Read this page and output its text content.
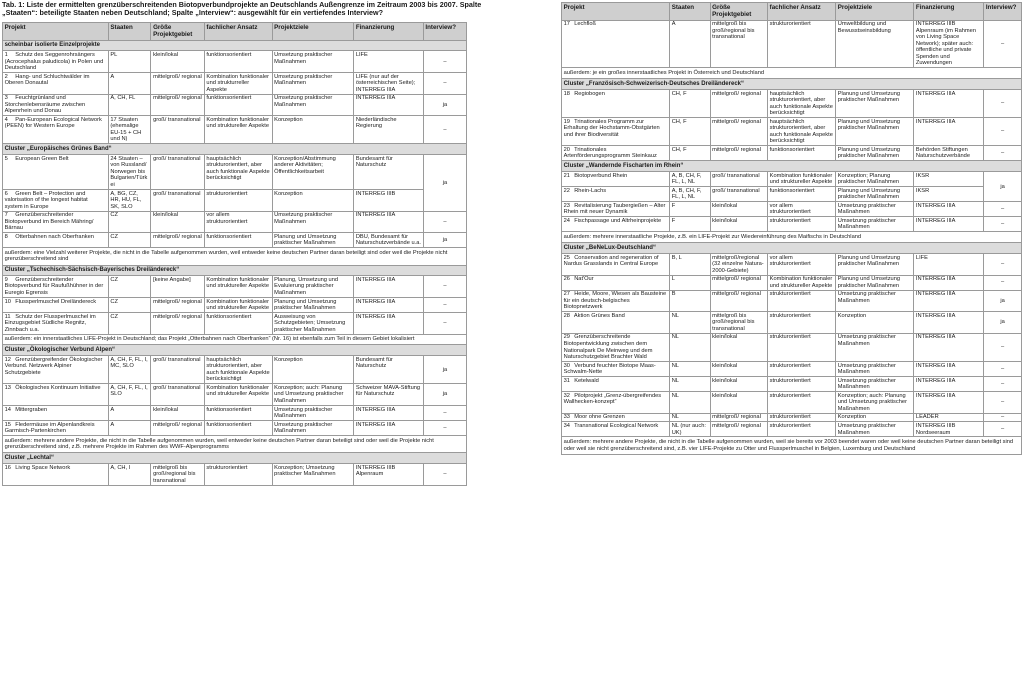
Tab. 1: Liste der ermittelten grenzüberschreitenden Biotopverbundprojekte an Deutschlands Außengrenze im Zeitraum 2003 bis 2007. Spalte „Staaten“: beteiligte Staaten neben Deutschland; Spalte „Interview“: ausgewählt für ein vertiefendes Interview?
Projekt	Staaten	Größe Projektgebiet	fachlicher Ansatz	Projektziele	Finanzierung	Interview?
scheinbar isolierte Einzelprojekte						
1 Schutz des Seggenrohrsängers (Acrocephalus paludicola) in Polen und Deutschland	PL	klein/lokal	funktionsorientiert	Umsetzung praktischer Maßnahmen	LIFE	–
2 Hang- und Schluchtwälder im Oberen Donautal	A	mittelgroß/ regional	Kombination funktionaler und strukturreller Aspekte	Umsetzung praktischer Maßnahmen	LIFE (nur auf der österreichischen Seite); INTERREG IIIA	–
3 Feuchtgrünland und Storchenlebensräume zwischen Alpenrhein und Donau	A, CH, FL	mittelgroß/ regional	funktionsorientiert	Umsetzung praktischer Maßnahmen	INTERREG IIIA	ja
4 Pan-European Ecological Network (PEEN) for Western Europe	17 Staaten (ehemalige EU-15 + CH und N)	groß/ transnational	Kombination funktionaler und struktureller Aspekte	Konzeption	Niederländische Regierung	–
Cluster „Europäisches Grünes Band“						
5 European Green Belt	24 Staaten – von Russland/ Norwegen bis Bulgarien/Türkei	groß/ transnational	hauptsächlich strukturorientiert, aber auch funktionale Aspekte berücksichtigt	Konzeption/Abstimmung anderer Aktivitäten; Öffentlichkeitsarbeit	Bundesamt für Naturschutz	ja
6 Green Belt – Protection and valorisation of the longest habitat system in Europe	A, BG, CZ, HR, HU, FL, SK, SLO	groß/ transnational	strukturorientiert	Konzeption	INTERREG IIIB	
7 Grenzüberschreitender Biotopverbund im Bereich Mähring/ Bärnau	CZ	klein/lokal	vor allem strukturorientiert	Umsetzung praktischer Maßnahmen	INTERREG IIIA	–
8 Otterbahnen nach Oberfranken	CZ	mittelgroß/ regional	funktionsorientiert	Planung und Umsetzung praktischer Maßnahmen	DBU, Bundesamt für Naturschutzverbände u.a.	ja
außerdem: eine Vielzahl weiterer Projekte, die nicht in die Tabelle aufgenommen wurden, weil entweder keine deutschen Partner daran beteiligt sind oder weil die Projekte nicht grenzüberschreitend sind						
Cluster „Tschechisch-Sächsisch-Bayerisches Dreiländereck“						
9 Grenzüberschreitender Biotopverbund für Raufußhühner in der Euregio Egrensis	CZ	[keine Angabe]	Kombination funktionaler und struktureller Aspekte	Planung, Umsetzung und Evaluierung praktischer Maßnahmen	INTERREG IIIA	–
10 Flussperlmuschel Dreiländereck	CZ	mittelgroß/ regional	Kombination funktionaler und struktureller Aspekte	Planung und Umsetzung praktischer Maßnahmen	INTERREG IIIA	–
11 Schutz der Flussperlmuschel im Einzugsgebiet Südliche Regnitz, Zinnbach u.a.	CZ	mittelgroß/ regional	funktionsorientiert	Ausweisung von Schutzgebieten; Umsetzung praktischer Maßnahmen	INTERREG IIIA	–
außerdem: ein innerstaatliches LIFE-Projekt in Deutschland; das Projekt „Otterbahnen nach Oberfranken“ (Nr. 16) ist ebenfalls zum Teil in diesem Gebiet lokalisiert						
Cluster „Ökologischer Verbund Alpen“						
12 Grenzübergreifender Ökologischer Verbund. Netzwerk Alpiner Schutzgebiete	A, CH, F, FL, I, MC, SLO	groß/ transnational	hauptsächlich strukturorientiert, aber auch funktionale Aspekte berücksichtigt	Konzeption	Bundesamt für Naturschutz	ja
13 Ökologisches Kontinuum Initiative	A, CH, F, FL, I, SLO	groß/ transnational	Kombination funktionaler und struktureller Aspekte	Konzeption; auch: Planung und Umsetzung praktischer Maßnahmen	Schweizer MAVA-Stiftung für Naturschutz	ja
14 Mittergraben	A	klein/lokal	funktionsorientiert	Umsetzung praktischer Maßnahmen	INTERREG IIIA	–
15 Fledermäuse im Alpenlandkreis Garmisch-Partenkirchen	A	mittelgroß/ regional	funktionsorientiert	Umsetzung praktischer Maßnahmen	INTERREG IIIA	–
außerdem: mehrere andere Projekte, die nicht in die Tabelle aufgenommen wurden, weil entweder keine deutschen Partner daran beteiligt sind oder weil die Projekte nicht grenzüberschreitend sind, z.B. mehrere Projekte im Rahmen des WWF-Alpenprogramms						
Cluster „Lechtal“						
16 Living Space Network	A, CH, I	mittelgroß bis groß/regional bis transnational	strukturorientiert	Konzeption; Umsetzung praktischer Maßnahmen	INTERREG IIIB Alpenraum	–
Projekt	Staaten	Größe Projektgebiet	fachlicher Ansatz	Projektziele	Finanzierung	Interview?
17 Lechfloß	A	mittelgroß bis groß/regional bis transnational	strukturorientiert	Umweltbildung und Bewusstseinsbildung	INTERREG IIIB Alpenraum (im Rahmen von Living Space Network); später auch: öffentliche und private Spenden und Zuwendungen	–
außerdem: je ein großes innerstaatliches Projekt in Österreich und Deutschland						
Cluster „Französisch-Schweizerisch-Deutsches Dreiländereck“						
18 Regiobogen	CH, F	mittelgroß/ regional	hauptsächlich strukturorientiert, aber auch funktionale Aspekte berücksichtigt	Planung und Umsetzung praktischer Maßnahmen	INTERREG IIIA	–
19 Trinationales Programm zur Erhaltung der Hochstamm-Obstgärten und ihrer Biodiversität	CH, F	mittelgroß/ regional	hauptsächlich strukturorientiert, aber auch funktionale Aspekte berücksichtigt	Planung und Umsetzung praktischer Maßnahmen	INTERREG IIIA	–
20 Trinationales Artenförderungsprogramm Steinkauz	CH, F	mittelgroß/ regional	funktionsorientiert	Planung und Umsetzung praktischer Maßnahmen	Behörden Stiftungen Naturschutzverbände	–
Cluster „Wandernde Fischarten im Rhein“						
21 Biotopverbund Rhein	A, B, CH, F, FL, L, NL	groß/ transnational	Kombination funktionaler und struktureller Aspekte	Konzeption; Planung praktischer Maßnahmen	IKSR	ja
22 Rhein-Lachs	A, B, CH, F, FL, L, NL	groß/ transnational	funktionsorientiert	Planung und Umsetzung praktischer Maßnahmen	IKSR	
23 Revitalisierung Taubergießen – Alter Rhein mit neuer Dynamik	F	klein/lokal	vor allem strukturorientiert	Umsetzung praktischer Maßnahmen	INTERREG IIIA	–
24 Fischpassage und Altrheinprojekte	F	klein/lokal	strukturorientiert	Umsetzung praktischer Maßnahmen	INTERREG IIIA	–
außerdem: mehrere innerstaatliche Projekte, z.B. ein LIFE-Projekt zur Wiedereinführung des Maifischs in Deutschland						
Cluster „BeNeLux-Deutschland“						
25 Conservation and regeneration of Nardus Grasslands in Central Europe	B, L	mittelgroß/regional (32 einzelne Natura-2000-Gebiete)	vor allem strukturorientiert	Planung und Umsetzung praktischer Maßnahmen	LIFE	–
26 Nat'Our	L	mittelgroß/ regional	Kombination funktionaler und struktureller Aspekte	Planung und Umsetzung praktischer Maßnahmen	INTERREG IIIA	–
27 Heide, Moore, Wiesen als Bausteine für ein deutsch-belgisches Biotopnetzwerk	B	mittelgroß/ regional	strukturorientiert	Umsetzung praktischer Maßnahmen	INTERREG IIIA	ja
28 Aktion Grünes Band	NL	mittelgroß bis groß/regional bis transnational	strukturorientiert	Konzeption	INTERREG IIIA	ja
29 Grenzüberschreitende Biotopentwicklung zwischen dem Nationalpark De Meinweg und dem Naturschutzgebiet Brachter Wald	NL	klein/lokal	strukturorientiert	Umsetzung praktischer Maßnahmen	INTERREG IIIA	–
30 Verbund feuchter Biotope Maas-Schwalm-Nette	NL	klein/lokal	strukturorientiert	Umsetzung praktischer Maßnahmen	INTERREG IIIA	–
31 Ketelwald	NL	klein/lokal	strukturorientiert	Umsetzung praktischer Maßnahmen	INTERREG IIIA	–
32 Pilotprojekt „Grenz-übergreifendes Wallhecken-konzept“	NL	klein/lokal	strukturorientiert	Konzeption; auch: Planung und Umsetzung praktischer Maßnahmen	INTERREG IIIA	–
33 Moor ohne Grenzen	NL	mittelgroß/ regional	strukturorientiert	Konzeption	LEADER	–
34 Transnational Ecological Network	NL (nur auch: UK)	mittelgroß/ regional	strukturorientiert	Umsetzung praktischer Maßnahmen	INTERREG IIIB Nordseeraum	–
außerdem: mehrere andere Projekte, die nicht in die Tabelle aufgenommen wurden, weil sie bereits vor 2003 beendet waren oder weil keine deutschen Partner daran beteiligt sind oder weil sie nicht grenzüberschreitend sind, z.B. vier LIFE-Projekte zu Otter und Flussperlmuschel in Belgien, Luxemburg und Deutschland						
